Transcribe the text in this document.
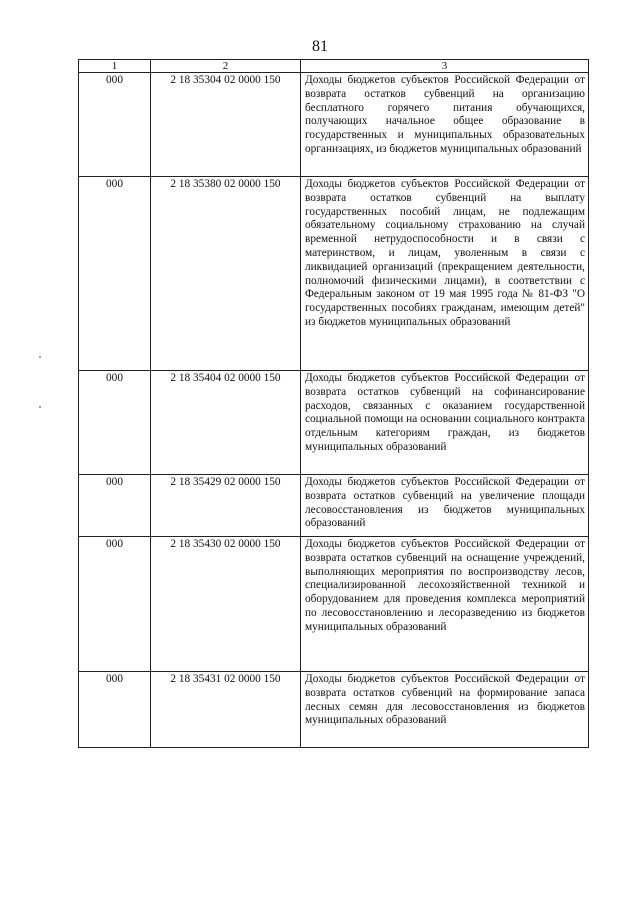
81
1	2	3
000	2 18 35304 02 0000 150	Доходы бюджетов субъектов Российской Федерации от возврата остатков субвенций на организацию бесплатного горячего питания обучающихся, получающих начальное общее образование в государственных и муниципальных образовательных организациях, из бюджетов муниципальных образований
000	2 18 35380 02 0000 150	Доходы бюджетов субъектов Российской Федерации от возврата остатков субвенций на выплату государственных пособий лицам, не подлежащим обязательному социальному страхованию на случай временной нетрудоспособности и в связи с материнством, и лицам, уволенным в связи с ликвидацией организаций (прекращением деятельности, полномочий физическими лицами), в соответствии с Федеральным законом от 19 мая 1995 года № 81-ФЗ "О государственных пособиях гражданам, имеющим детей" из бюджетов муниципальных образований
000	2 18 35404 02 0000 150	Доходы бюджетов субъектов Российской Федерации от возврата остатков субвенций на софинансирование расходов, связанных с оказанием государственной социальной помощи на основании социального контракта отдельным категориям граждан, из бюджетов муниципальных образований
000	2 18 35429 02 0000 150	Доходы бюджетов субъектов Российской Федерации от возврата остатков субвенций на увеличение площади лесовосстановления из бюджетов муниципальных образований
000	2 18 35430 02 0000 150	Доходы бюджетов субъектов Российской Федерации от возврата остатков субвенций на оснащение учреждений, выполняющих мероприятия по воспроизводству лесов, специализированной лесохозяйственной техникой и оборудованием для проведения комплекса мероприятий по лесовосстановлению и лесоразведению из бюджетов муниципальных образований
000	2 18 35431 02 0000 150	Доходы бюджетов субъектов Российской Федерации от возврата остатков субвенций на формирование запаса лесных семян для лесовосстановления из бюджетов муниципальных образований
